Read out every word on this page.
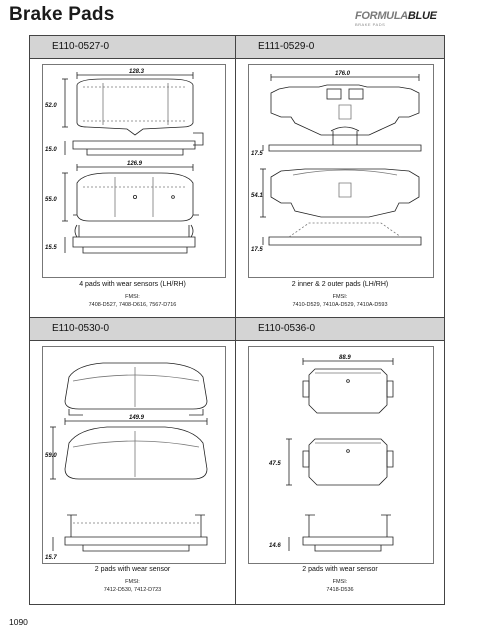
Brake Pads	FORMULABLUE
BRAKE PADS
E110-0527-0
128.3
52.0
15.0
126.9
55.0
15.5
4 pads with wear sensors (LH/RH)
FMSI:
7408-D527, 7408-D616, 7567-D716
E111-0529-0
176.0
17.5
54.1
17.5
2 inner & 2 outer pads (LH/RH)
FMSI:
7410-D529, 7410A-D529, 7410A-D593
E110-0530-0
149.9
59.0
15.7
2 pads with wear sensor
FMSI:
7412-D530, 7412-D723
E110-0536-0
88.9
47.5
14.6
2 pads with wear sensor
FMSI:
7418-D536
1090
